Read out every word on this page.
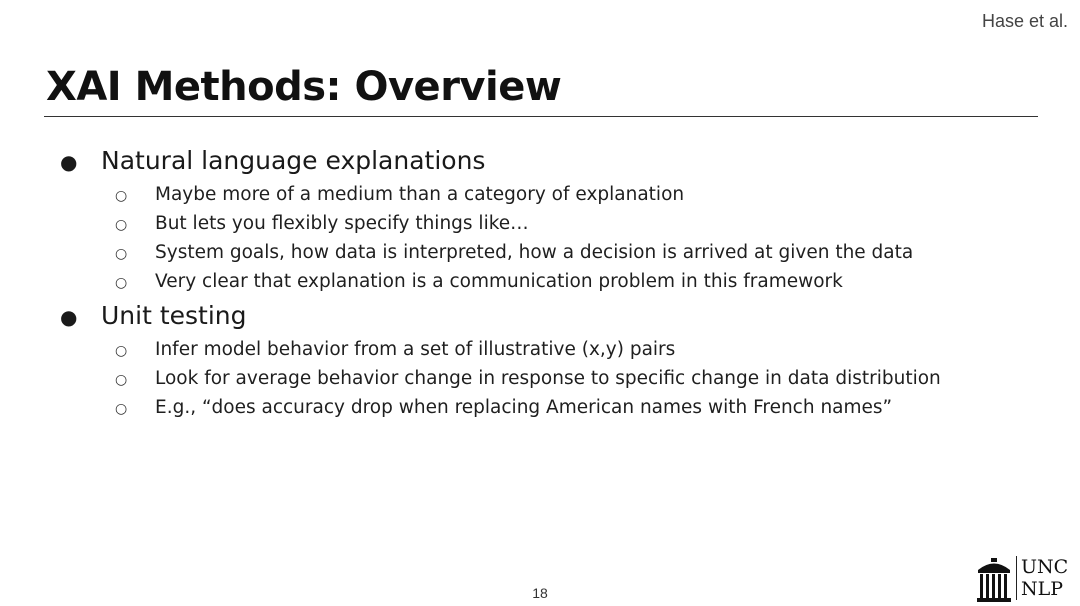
Hase et al.
XAI Methods: Overview
● Natural language explanations
○	Maybe more of a medium than a category of explanation
○	But lets you flexibly specify things like…
○	System goals, how data is interpreted, how a decision is arrived at given the data
○	Very clear that explanation is a communication problem in this framework
● Unit testing
○	Infer model behavior from a set of illustrative (x,y) pairs
○	Look for average behavior change in response to specific change in data distribution
○	E.g., “does accuracy drop when replacing American names with French names”
18
UNC
NLP
